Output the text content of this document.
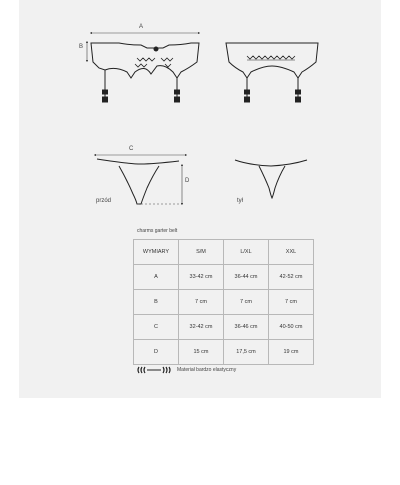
A
B
C
D
przód	tył
charms garter belt
WYMIARY	S/M	L/XL	XXL
A	33-42 cm	36-44 cm	42-52 cm
B	7 cm	7 cm	7 cm
C	32-42 cm	36-46 cm	40-50 cm
D	15 cm	17,5 cm	19 cm
Materiał bardzo elastyczny
